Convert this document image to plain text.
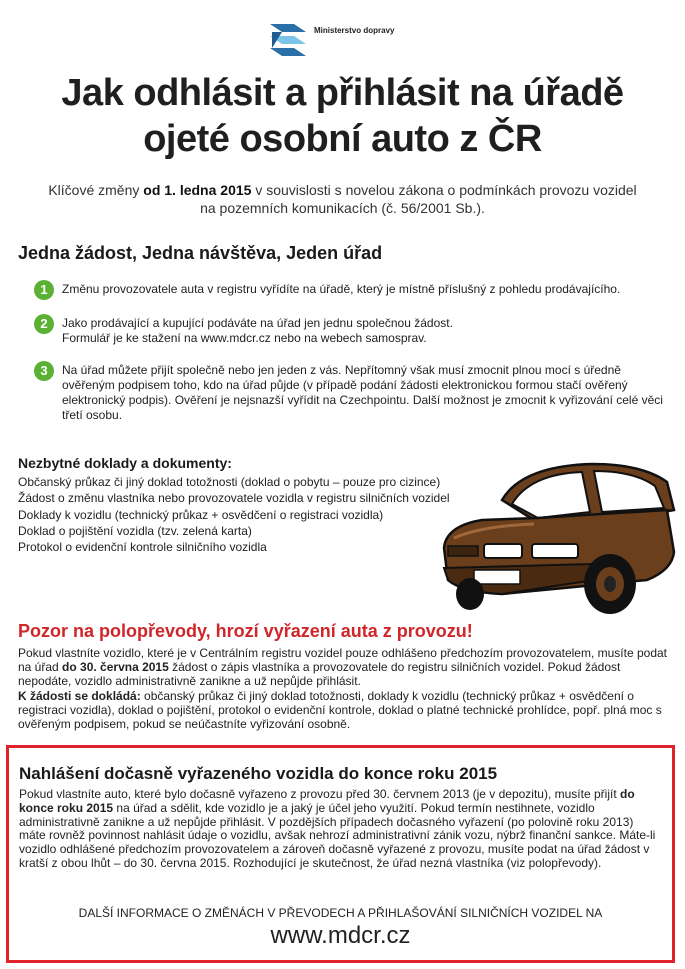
Ministerstvo dopravy
Jak odhlásit a přihlásit na úřadě
ojeté osobní auto z ČR
Klíčové změny od 1. ledna 2015 v souvislosti s novelou zákona o podmínkách provozu vozidel na pozemních komunikacích (č. 56/2001 Sb.).
Jedna žádost, Jedna návštěva, Jeden úřad
1	Změnu provozovatele auta v registru vyřídíte na úřadě, který je místně příslušný z pohledu prodávajícího.
2	Jako prodávající a kupující podáváte na úřad jen jednu společnou žádost. Formulář je ke stažení na www.mdcr.cz nebo na webech samosprav.
3	Na úřad můžete přijít společně nebo jen jeden z vás. Nepřítomný však musí zmocnit plnou mocí s úředně ověřeným podpisem toho, kdo na úřad půjde (v případě podání žádosti elektronickou formou stačí ověřený elektronický podpis). Ověření je nejsnazší vyřídit na Czechpointu. Další možnost je zmocnit k vyřizování celé věci třetí osobu.
Nezbytné doklady a dokumenty:
Občanský průkaz či jiný doklad totožnosti (doklad o pobytu – pouze pro cizince)
Žádost o změnu vlastníka nebo provozovatele vozidla v registru silničních vozidel
Doklady k vozidlu (technický průkaz + osvědčení o registraci vozidla)
Doklad o pojištění vozidla (tzv. zelená karta)
Protokol o evidenční kontrole silničního vozidla
Pozor na polopřevody, hrozí vyřazení auta z provozu!

Pokud vlastníte vozidlo, které je v Centrálním registru vozidel pouze odhlášeno předchozím provozovatelem, musíte podat na úřad do 30. června 2015 žádost o zápis vlastníka a provozovatele do registru silničních vozidel. Pokud žádost nepodáte, vozidlo administrativně zanikne a už nepůjde přihlásit.
K žádosti se dokládá: občanský průkaz či jiný doklad totožnosti, doklady k vozidlu (technický průkaz + osvědčení o registraci vozidla), doklad o pojištění, protokol o evidenční kontrole, doklad o platné technické prohlídce, popř. plná moc s ověřeným podpisem, pokud se neúčastníte vyřizování osobně.

Nahlášení dočasně vyřazeného vozidla do konce roku 2015

Pokud vlastníte auto, které bylo dočasně vyřazeno z provozu před 30. červnem 2013 (je v depozitu), musíte přijít do konce roku 2015 na úřad a sdělit, kde vozidlo je a jaký je účel jeho využití. Pokud termín nestihnete, vozidlo administrativně zanikne a už nepůjde přihlásit. V pozdějších případech dočasného vyřazení (po polovině roku 2013) máte rovněž povinnost nahlásit údaje o vozidlu, avšak nehrozí administrativní zánik vozu, nýbrž finanční sankce. Máte-li vozidlo odhlášené předchozím provozovatelem a zároveň dočasně vyřazené z provozu, musíte podat na úřad žádost v kratší z obou lhůt – do 30. června 2015. Rozhodující je skutečnost, že úřad nezná vlastníka (viz polopřevody).

DALŠÍ INFORMACE O ZMĚNÁCH V PŘEVODECH A PŘIHLAŠOVÁNÍ SILNIČNÍCH VOZIDEL NA
www.mdcr.cz
